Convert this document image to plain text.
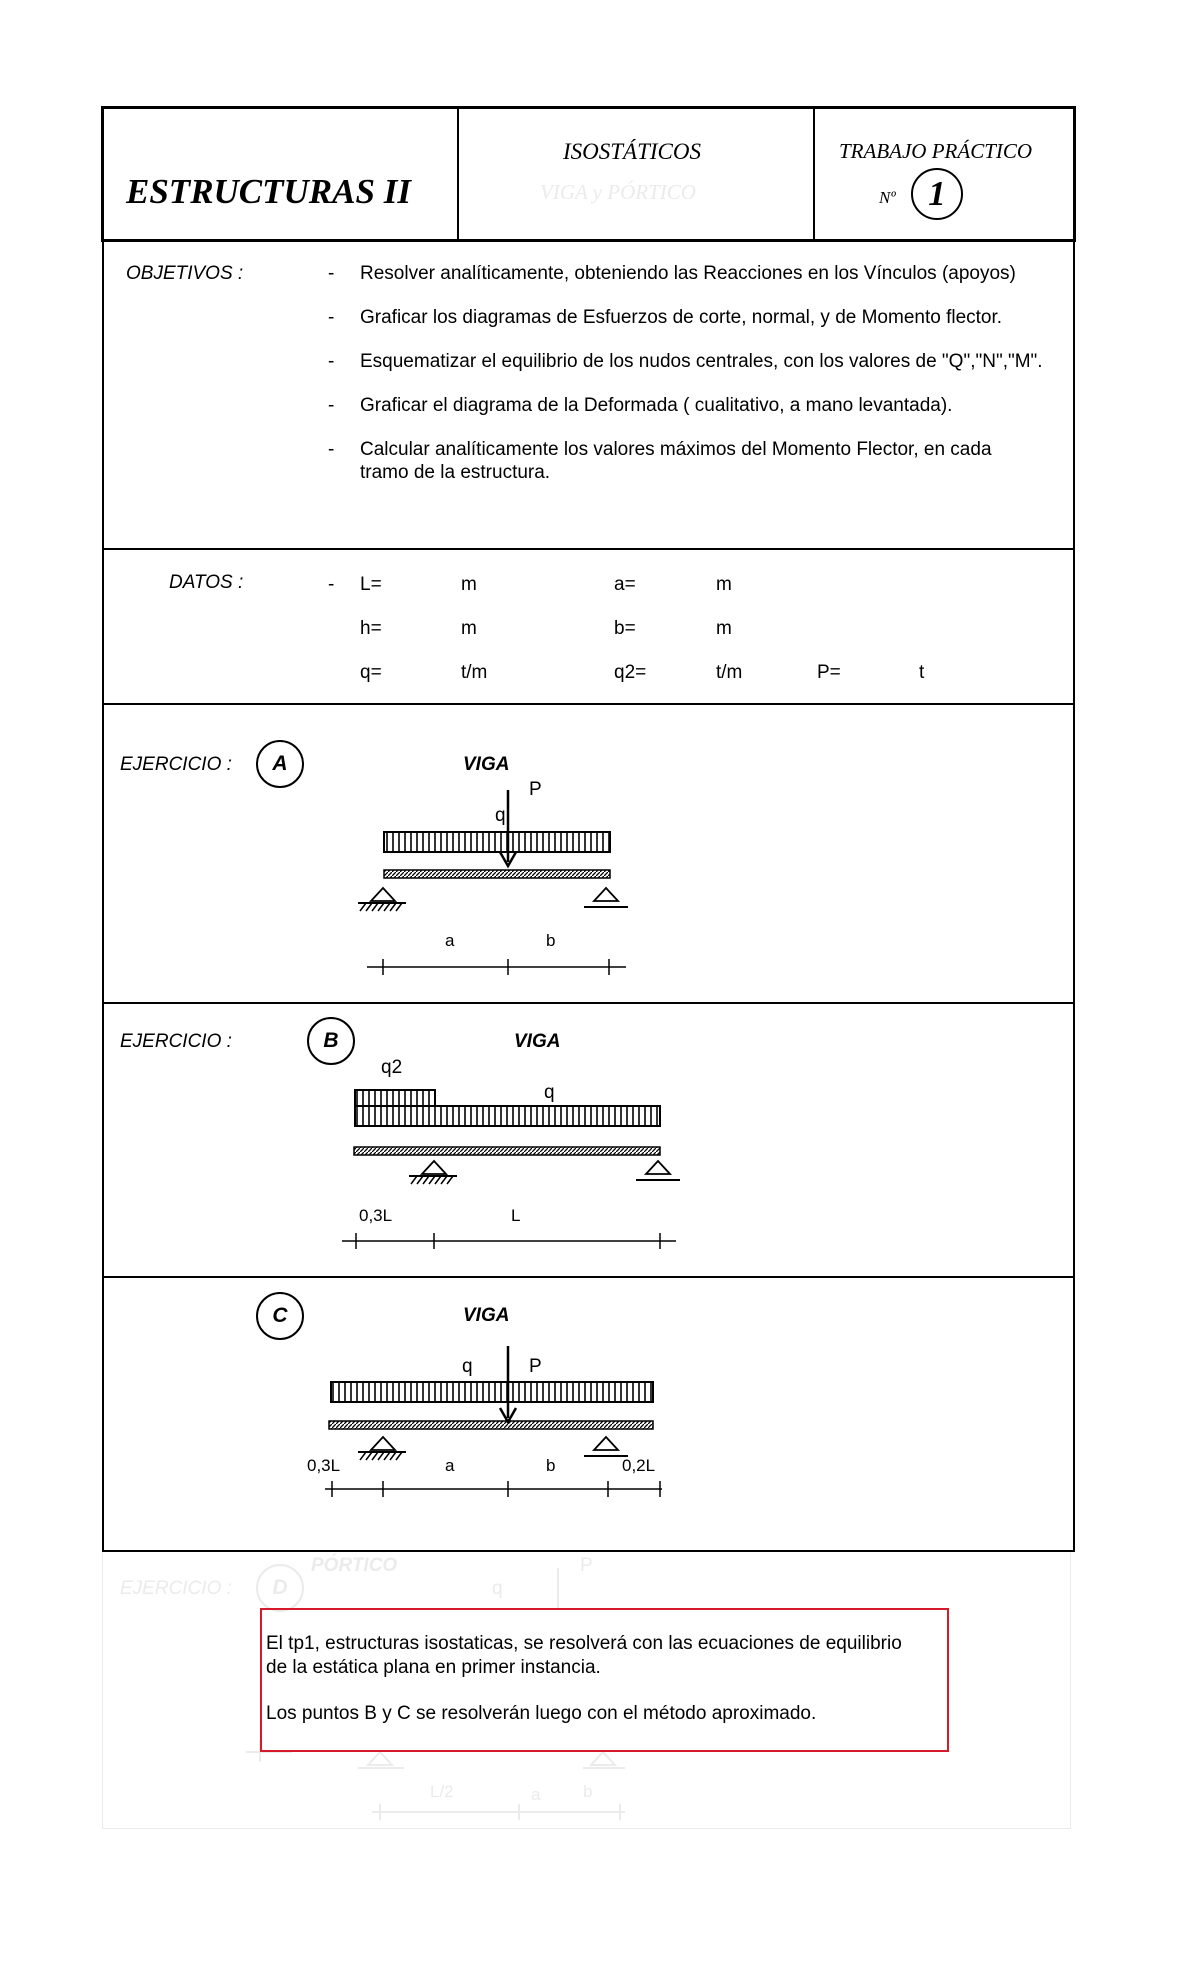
ESTRUCTURAS II
ISOSTÁTICOS
VIGA y PÓRTICO
TRABAJO PRÁCTICO
Nº 1
OBJETIVOS :	- Resolver analíticamente, obteniendo las Reacciones en los Vínculos (apoyos)
- Graficar los diagramas de Esfuerzos de corte, normal, y de Momento flector.
- Esquematizar el equilibrio de los nudos centrales, con los valores de "Q","N","M".
- Graficar el diagrama de la Deformada ( cualitativo, a mano levantada).
- Calcular analíticamente los valores máximos del Momento Flector, en cada
tramo de la estructura.
DATOS :	- L=	m	a=	m
h=	m	b=	m
q=	t/m	q2=	t/m	P=	t
EJERCICIO :	A	VIGA
P
q
a	b
EJERCICIO :	B	VIGA
q2
q
0,3L	L
C	VIGA
q	P
0,3L	a	b	0,2L
EJERCICIO :	D
PÓRTICO
q
P
L/2	a	b
El tp1, estructuras isostaticas, se resolverá con las ecuaciones de equilibrio
de la estática plana en primer instancia.
Los puntos B y C se resolverán luego con el método aproximado.
